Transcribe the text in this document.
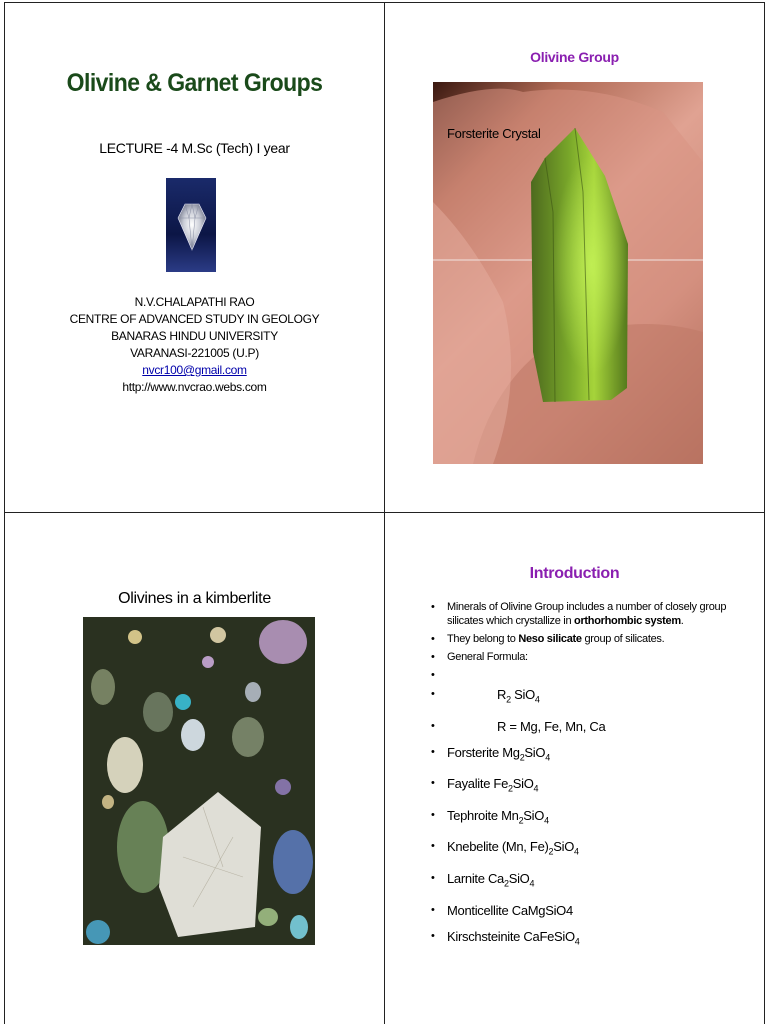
Olivine & Garnet Groups
LECTURE -4 M.Sc (Tech) I year
N.V.CHALAPATHI RAO
CENTRE OF ADVANCED STUDY IN GEOLOGY
BANARAS HINDU UNIVERSITY
VARANASI-221005 (U.P)
nvcr100@gmail.com
http://www.nvcrao.webs.com
Olivine Group
Forsterite Crystal
Olivines in a kimberlite
Introduction
• Minerals of Olivine Group includes a number of closely group silicates which crystallize in orthorhombic system.
• They belong to Neso silicate group of silicates.
• General Formula:
•
• $R_2$ SiO$_4$
• R = Mg, Fe, Mn, Ca
• Forsterite $Mg_2SiO_4$
• Fayalite $Fe_2SiO_4$
• Tephroite $Mn_2SiO_4$
• Knebelite (Mn, $Fe)_2SiO_4$
• Larnite $Ca_2SiO_4$
• Monticellite CaMgSiO4
• Kirschsteinite CaFeSiO$_4$
